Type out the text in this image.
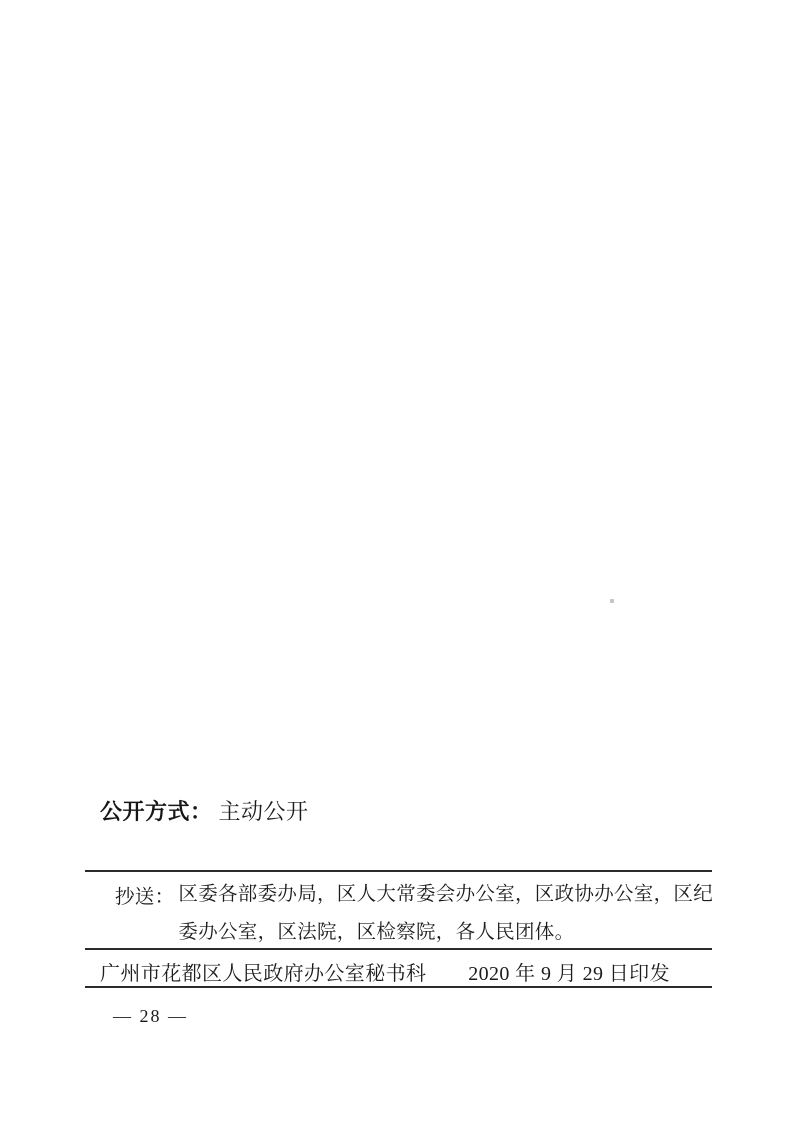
公开方式： 主动公开
抄送： 区委各部委办局，区人大常委会办公室，区政协办公室，区纪
委办公室，区法院，区检察院，各人民团体。
广州市花都区人民政府办公室秘书科 2020 年 9 月 29 日印发
— 28 —
